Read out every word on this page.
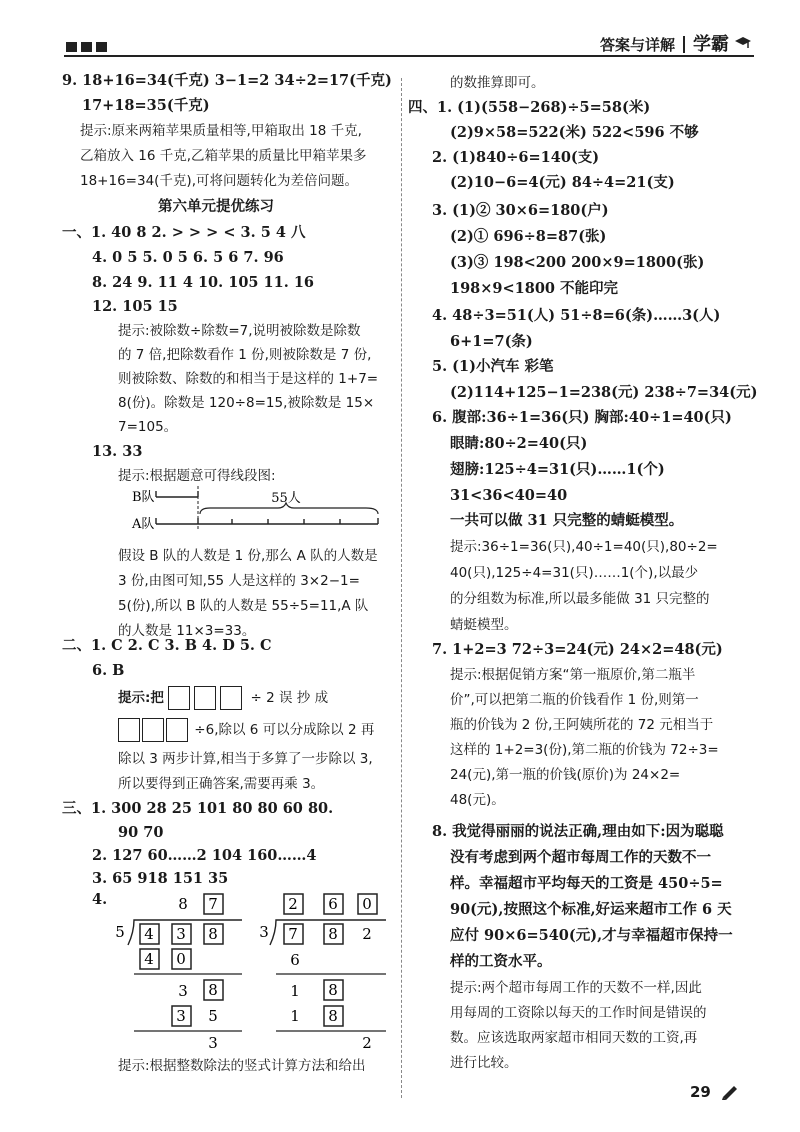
答案与详解 学霸
9. 18+16=34(千克) 3−1=2 34÷2=17(千克)
17+18=35(千克)
提示:原来两箱苹果质量相等,甲箱取出 18 千克,
乙箱放入 16 千克,乙箱苹果的质量比甲箱苹果多
18+16=34(千克),可将问题转化为差倍问题。
第六单元提优练习
一、1. 40 8 2. > > > < 3. 5 4 八
4. 0 5 5. 0 5 6. 5 6 7. 96
8. 24 9. 11 4 10. 105 11. 16
12. 105 15
提示:被除数÷除数=7,说明被除数是除数
的 7 倍,把除数看作 1 份,则被除数是 7 份,
则被除数、除数的和相当于是这样的 1+7=
8(份)。除数是 120÷8=15,被除数是 15×
7=105。
13. 33
提示:根据题意可得线段图:
B队	55人
A队
假设 B 队的人数是 1 份,那么 A 队的人数是
3 份,由图可知,55 人是这样的 3×2−1=
5(份),所以 B 队的人数是 55÷5=11,A 队
的人数是 11×3=33。
二、1. C 2. C 3. B 4. D 5. C
6. B
提示:把	÷ 2 误 抄 成
÷6,除以 6 可以分成除以 2 再
除以 3 两步计算,相当于多算了一步除以 3,
所以要得到正确答案,需要再乘 3。
三、1. 300 28 25 101 80 80 60 80.
90 70
2. 127 60……2 104 160……4
3. 65 918 151 35
4.	8 7
5 4 3 8
4 0
3 8
3 5
3
2 6 0
3 7 8 2
6
1 8
1 8
2
提示:根据整数除法的竖式计算方法和给出
的数推算即可。
四、1. (1)(558−268)÷5=58(米)
(2)9×58=522(米) 522<596 不够
2. (1)840÷6=140(支)
(2)10−6=4(元) 84÷4=21(支)
3. (1)② 30×6=180(户)
(2)① 696÷8=87(张)
(3)③ 198<200 200×9=1800(张)
198×9<1800 不能印完
4. 48÷3=51(人) 51÷8=6(条)……3(人)
6+1=7(条)
5. (1)小汽车 彩笔
(2)114+125−1=238(元) 238÷7=34(元)
6. 腹部:36÷1=36(只) 胸部:40÷1=40(只)
眼睛:80÷2=40(只)
翅膀:125÷4=31(只)……1(个)
31<36<40=40
一共可以做 31 只完整的蜻蜓模型。
提示:36÷1=36(只),40÷1=40(只),80÷2=
40(只),125÷4=31(只)……1(个),以最少
的分组数为标准,所以最多能做 31 只完整的
蜻蜓模型。
7. 1+2=3 72÷3=24(元) 24×2=48(元)
提示:根据促销方案“第一瓶原价,第二瓶半
价”,可以把第二瓶的价钱看作 1 份,则第一
瓶的价钱为 2 份,王阿姨所花的 72 元相当于
这样的 1+2=3(份),第二瓶的价钱为 72÷3=
24(元),第一瓶的价钱(原价)为 24×2=
48(元)。
8. 我觉得丽丽的说法正确,理由如下:因为聪聪
没有考虑到两个超市每周工作的天数不一
样。幸福超市平均每天的工资是 450÷5=
90(元),按照这个标准,好运来超市工作 6 天
应付 90×6=540(元),才与幸福超市保持一
样的工资水平。
提示:两个超市每周工作的天数不一样,因此
用每周的工资除以每天的工作时间是错误的
数。应该选取两家超市相同天数的工资,再
进行比较。
29
